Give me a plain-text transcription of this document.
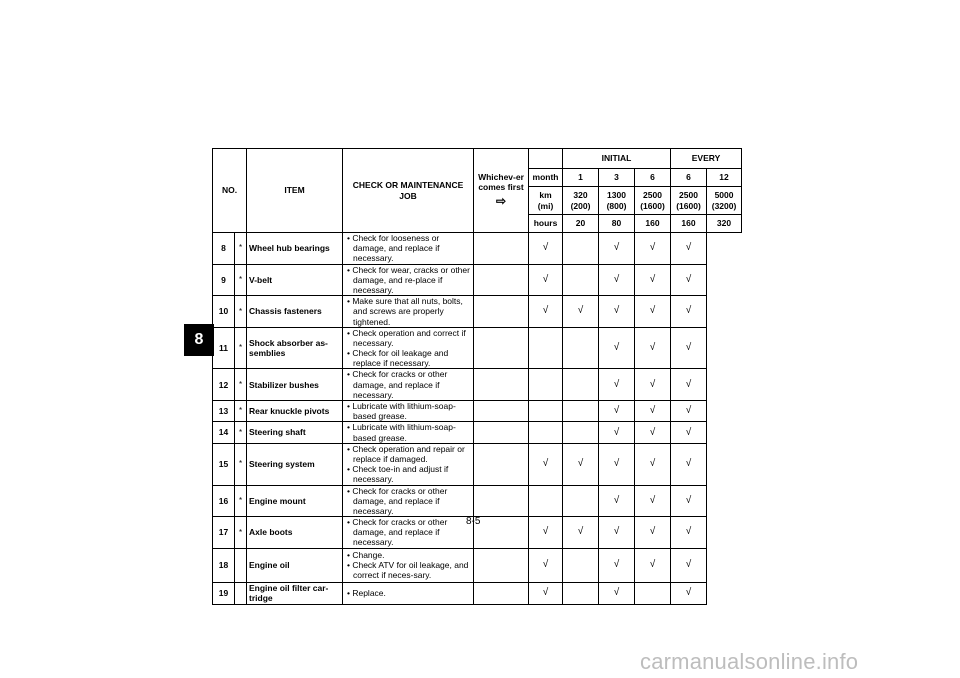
8
NO.		ITEM	CHECK OR MAINTENANCE JOB	Whichev-er comes first
⇨		INITIAL			EVERY	
					month	1	3	6	6	12
					km (mi)	320 (200)	1300 (800)	2500 (1600)	2500 (1600)	5000 (3200)
					hours	20	80	160	160	320
8	*	Wheel hub bearings	• Check for looseness or damage, and replace if necessary.		√		√	√	√	
9	*	V-belt	• Check for wear, cracks or other damage, and re-place if necessary.		√		√	√	√	
10	*	Chassis fasteners	• Make sure that all nuts, bolts, and screws are properly tightened.		√	√	√	√	√	
11	*	Shock absorber as-semblies	• Check operation and correct if necessary.
• Check for oil leakage and replace if necessary.				√	√	√	
12	*	Stabilizer bushes	• Check for cracks or other damage, and replace if necessary.				√	√	√	
13	*	Rear knuckle pivots	• Lubricate with lithium-soap-based grease.				√	√	√	
14	*	Steering shaft	• Lubricate with lithium-soap-based grease.				√	√	√	
15	*	Steering system	• Check operation and repair or replace if damaged.
• Check toe-in and adjust if necessary.		√	√	√	√	√	
16	*	Engine mount	• Check for cracks or other damage, and replace if necessary.				√	√	√	
17	*	Axle boots	• Check for cracks or other damage, and replace if necessary.		√	√	√	√	√	
18		Engine oil	• Change.
• Check ATV for oil leakage, and correct if neces-sary.		√		√	√	√	
19		Engine oil filter car-tridge	• Replace.		√		√		√	
8-5
carmanualsonline.info
